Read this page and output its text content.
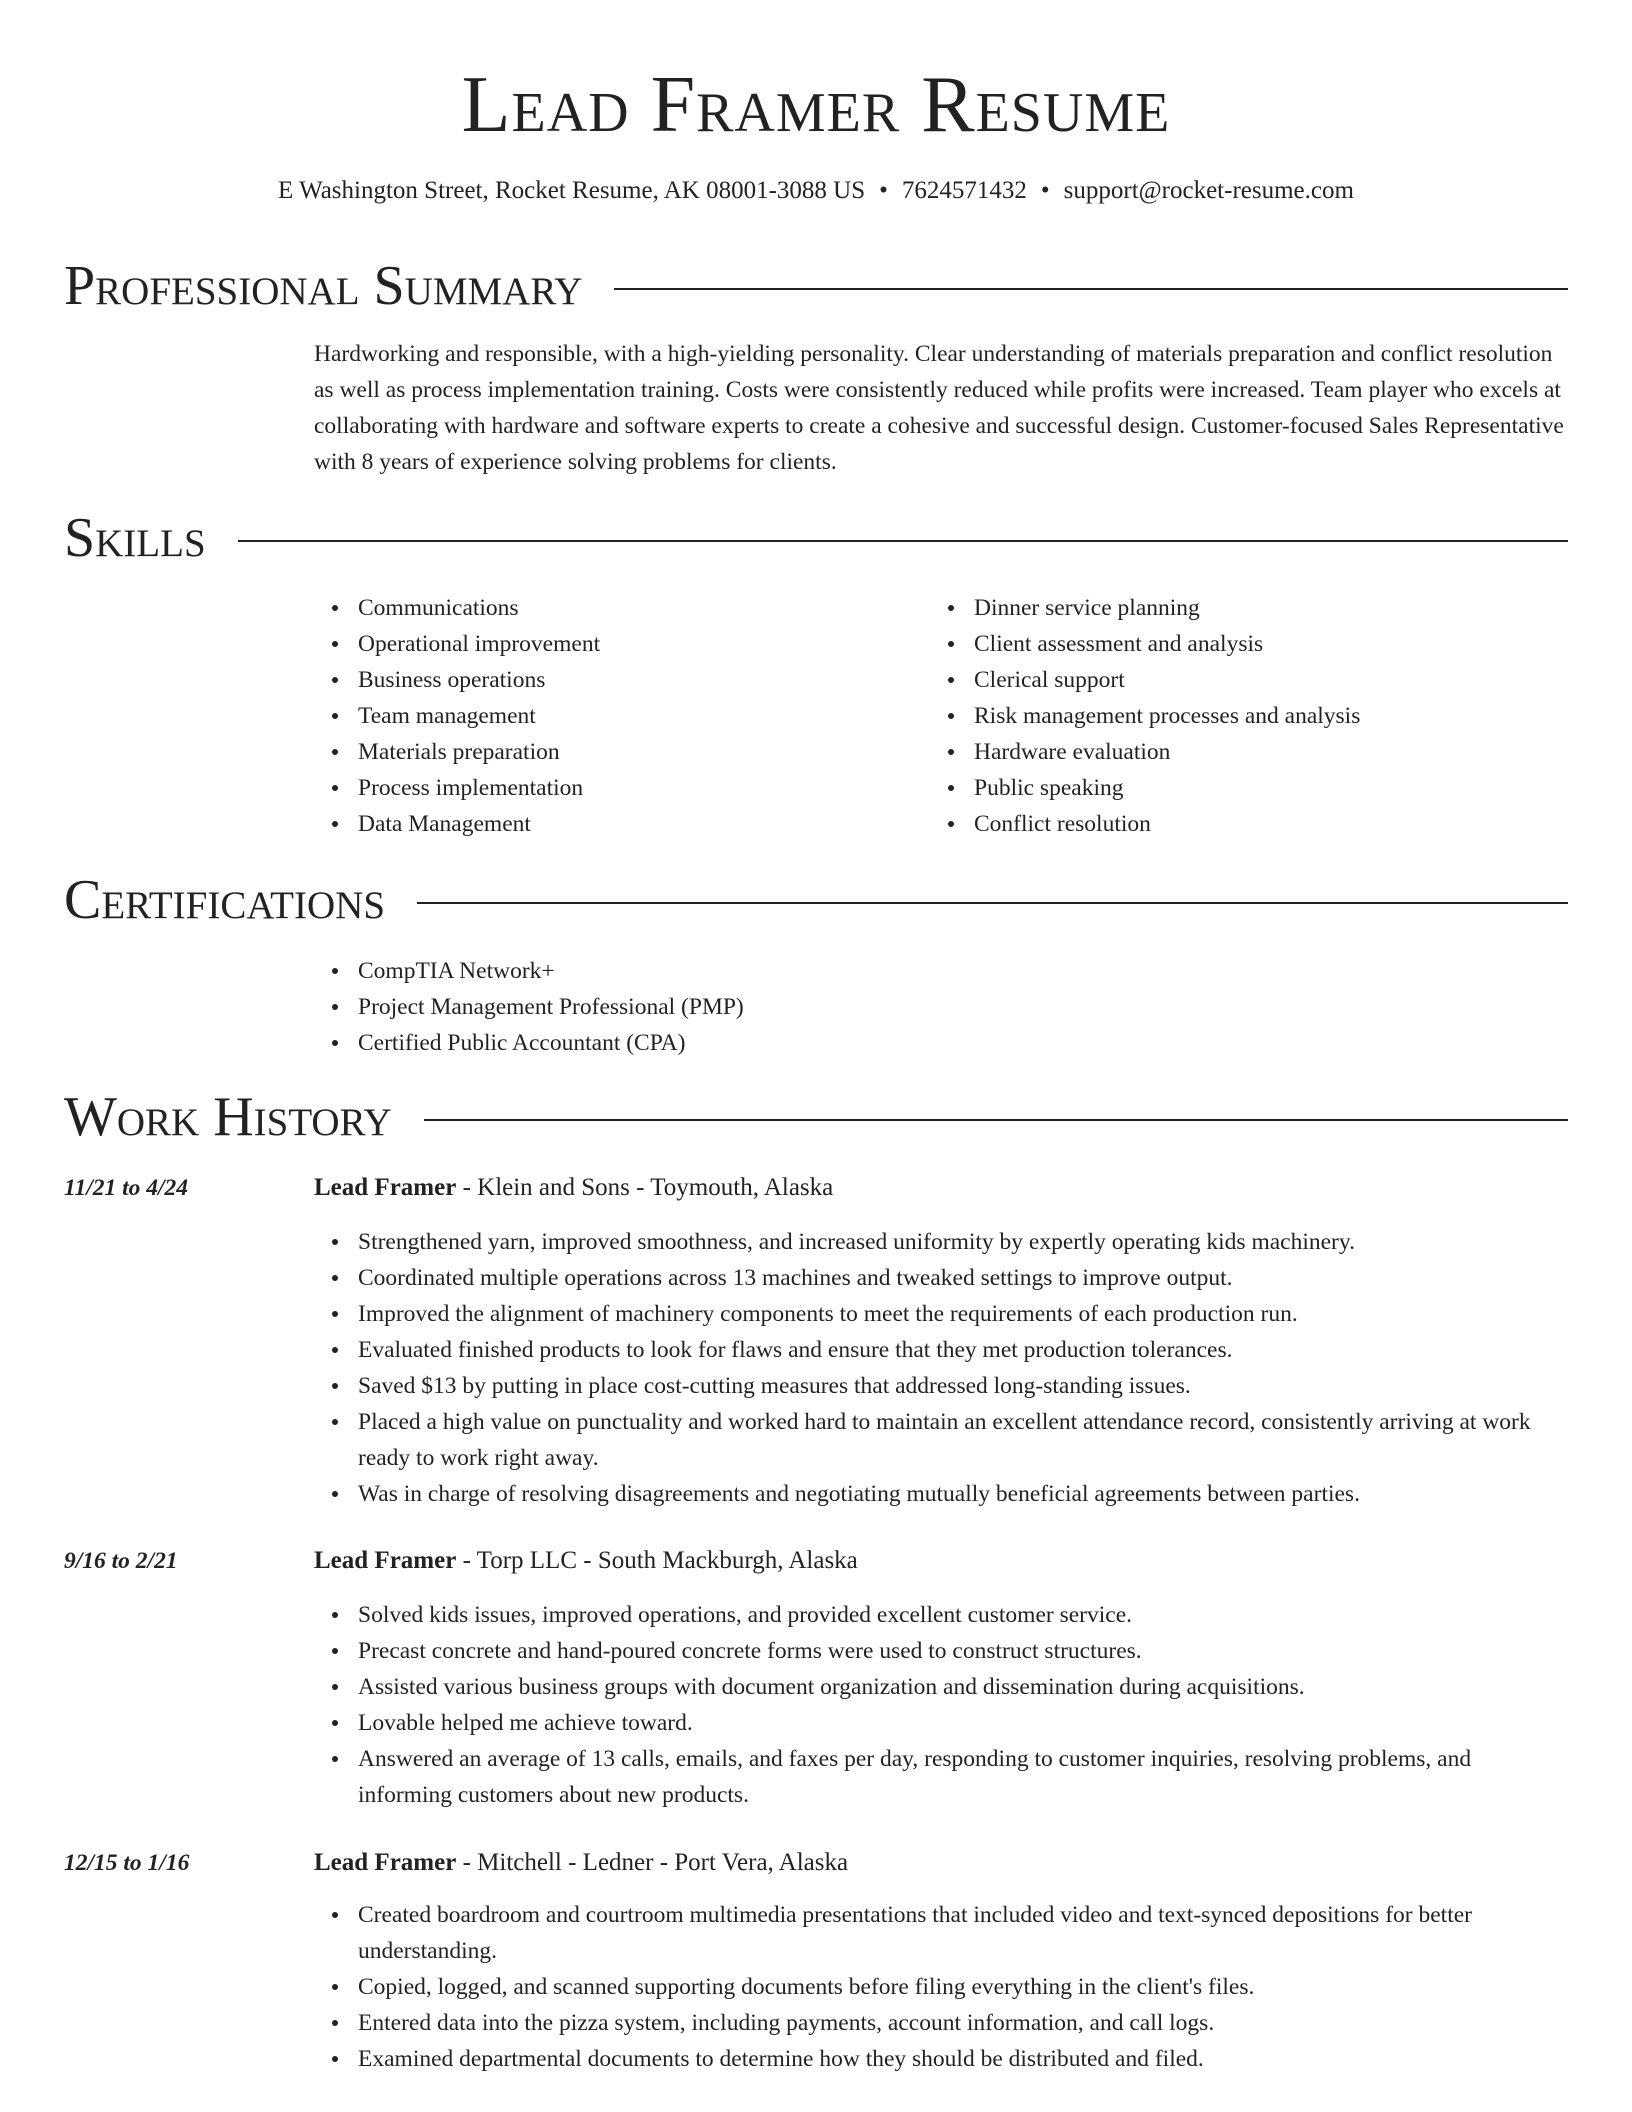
Lead Framer Resume
E Washington Street, Rocket Resume, AK 08001-3088 US • 7624571432 • support@rocket-resume.com
Professional Summary

Hardworking and responsible, with a high-yielding personality. Clear understanding of materials preparation and conflict resolution as well as process implementation training. Costs were consistently reduced while profits were increased. Team player who excels at collaborating with hardware and software experts to create a cohesive and successful design. Customer-focused Sales Representative with 8 years of experience solving problems for clients.

Skills
Communications
Operational improvement
Business operations
Team management
Materials preparation
Process implementation
Data Management
Dinner service planning
Client assessment and analysis
Clerical support
Risk management processes and analysis
Hardware evaluation
Public speaking
Conflict resolution
Certifications
CompTIA Network+
Project Management Professional (PMP)
Certified Public Accountant (CPA)
Work History
11/21 to 4/24	Lead Framer - Klein and Sons - Toymouth, Alaska
Strengthened yarn, improved smoothness, and increased uniformity by expertly operating kids machinery.
Coordinated multiple operations across 13 machines and tweaked settings to improve output.
Improved the alignment of machinery components to meet the requirements of each production run.
Evaluated finished products to look for flaws and ensure that they met production tolerances.
Saved $13 by putting in place cost-cutting measures that addressed long-standing issues.
Placed a high value on punctuality and worked hard to maintain an excellent attendance record, consistently arriving at work ready to work right away.
Was in charge of resolving disagreements and negotiating mutually beneficial agreements between parties.
9/16 to 2/21	Lead Framer - Torp LLC - South Mackburgh, Alaska
Solved kids issues, improved operations, and provided excellent customer service.
Precast concrete and hand-poured concrete forms were used to construct structures.
Assisted various business groups with document organization and dissemination during acquisitions.
Lovable helped me achieve toward.
Answered an average of 13 calls, emails, and faxes per day, responding to customer inquiries, resolving problems, and informing customers about new products.
12/15 to 1/16	Lead Framer - Mitchell - Ledner - Port Vera, Alaska
Created boardroom and courtroom multimedia presentations that included video and text-synced depositions for better understanding.
Copied, logged, and scanned supporting documents before filing everything in the client's files.
Entered data into the pizza system, including payments, account information, and call logs.
Examined departmental documents to determine how they should be distributed and filed.
